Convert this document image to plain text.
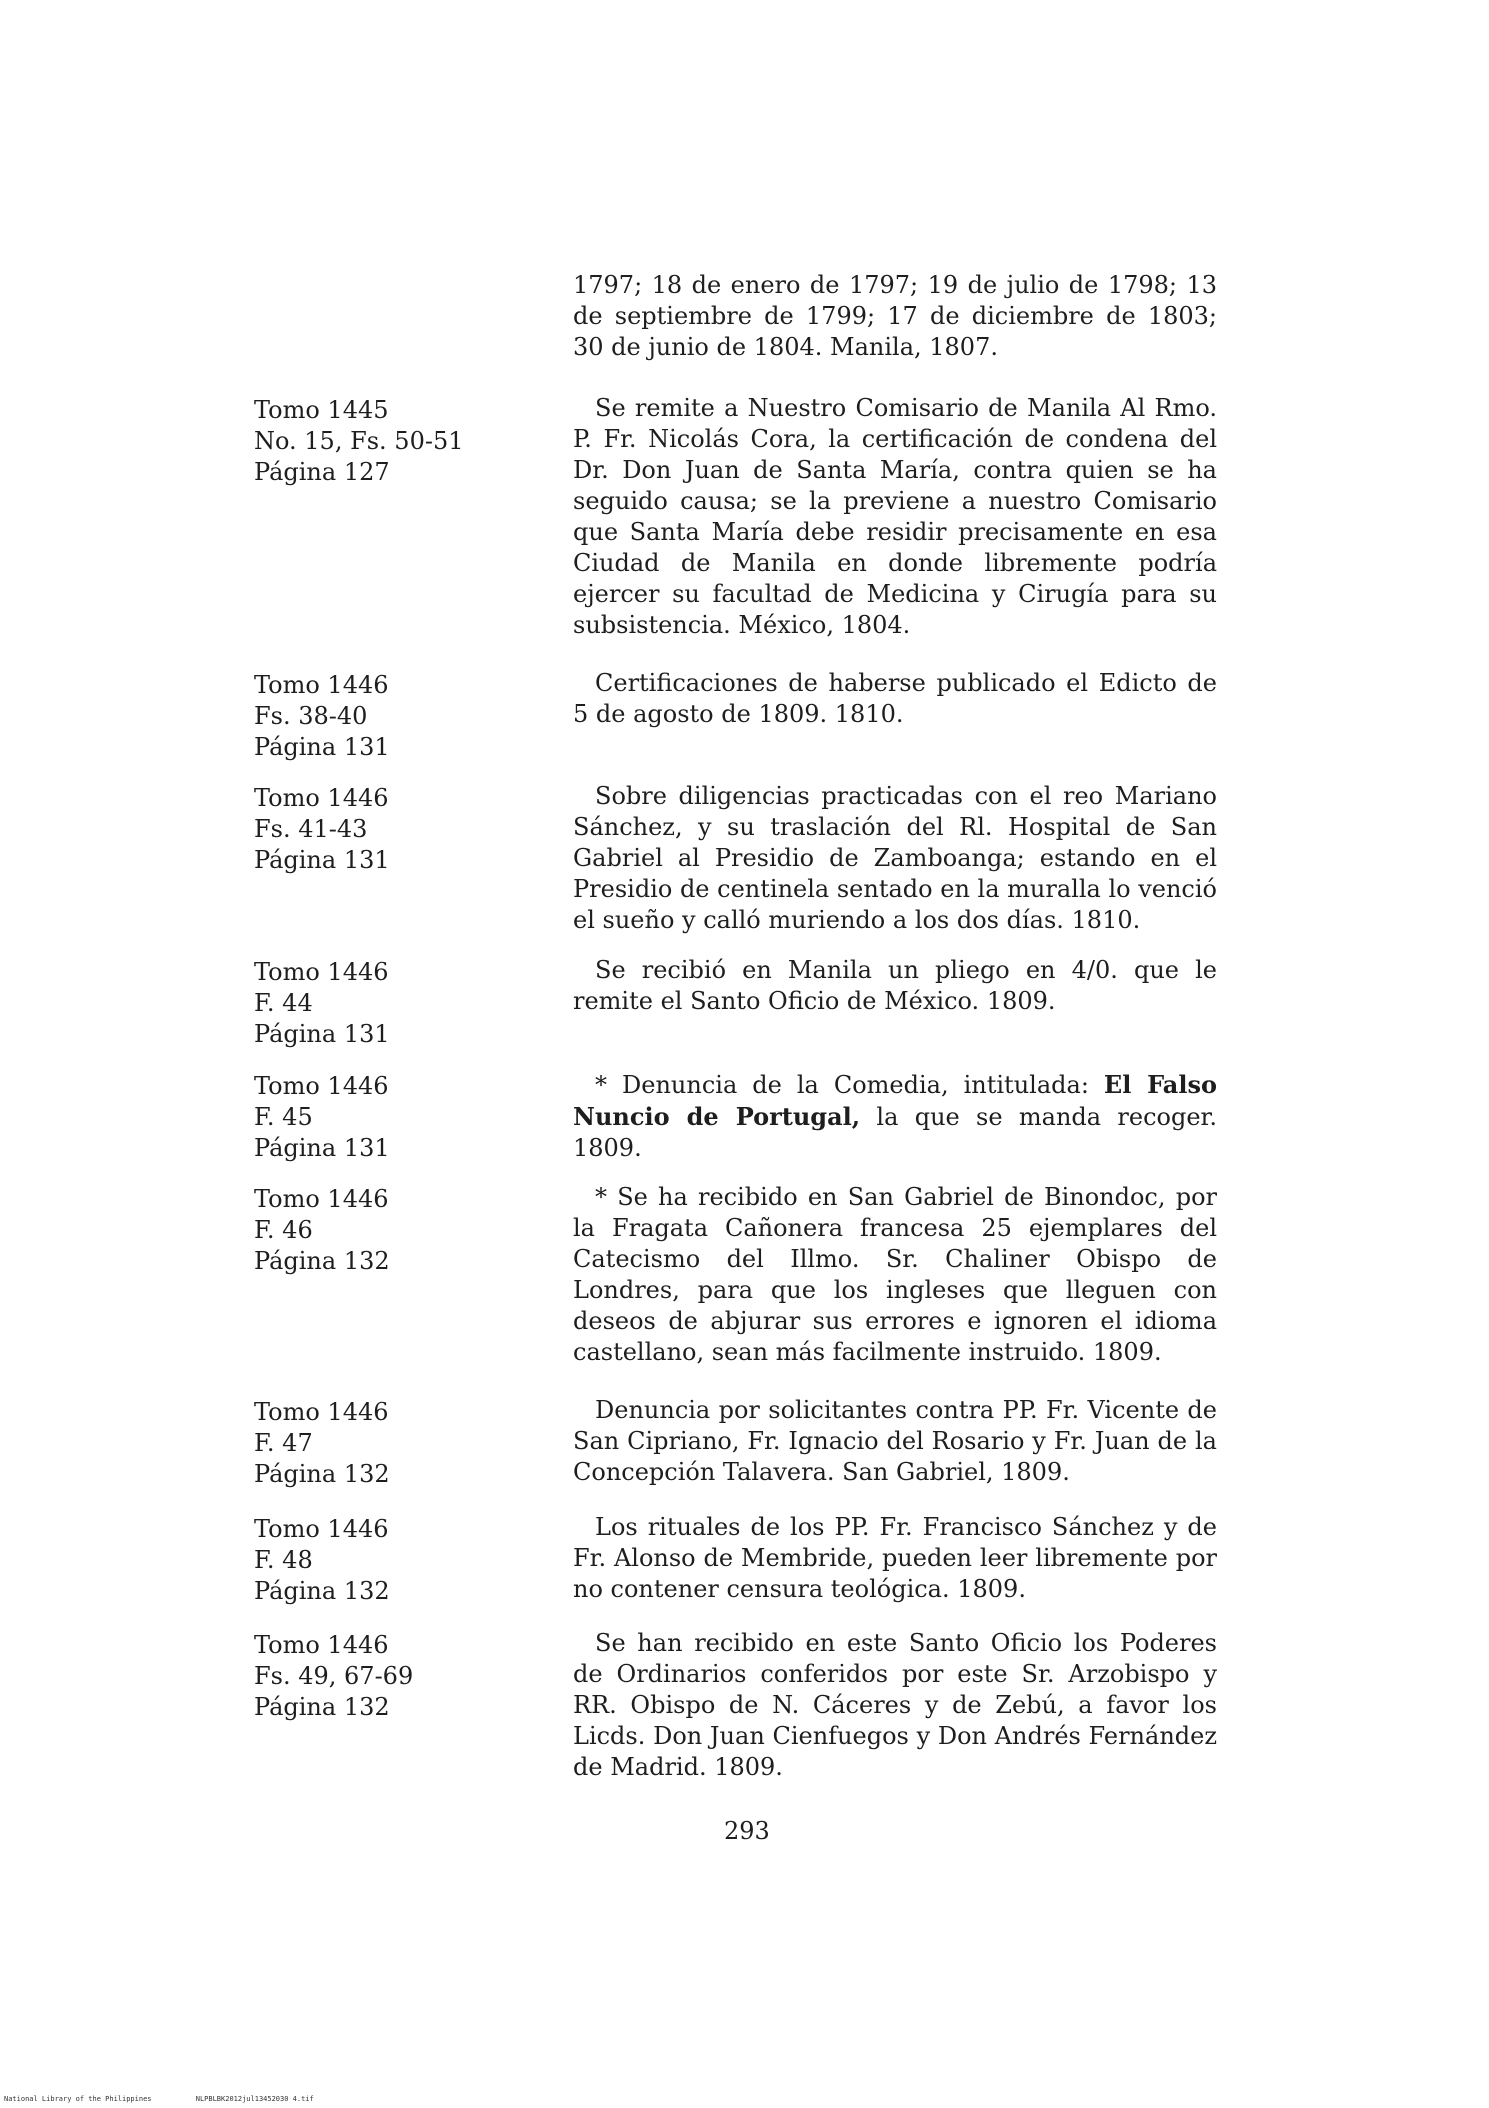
1797; 18 de enero de 1797; 19 de julio de 1798; 13 de septiembre de 1799; 17 de diciembre de 1803; 30 de junio de 1804. Manila, 1807.

Tomo 1445
No. 15, Fs. 50-51
Página 127

Se remite a Nuestro Comisario de Manila Al Rmo. P. Fr. Nicolás Cora, la certificación de condena del Dr. Don Juan de Santa María, contra quien se ha seguido causa; se la previene a nuestro Comisario que Santa María debe residir precisamente en esa Ciudad de Manila en donde libremente podría ejercer su facultad de Medicina y Cirugía para su subsistencia. México, 1804.

Tomo 1446
Fs. 38-40
Página 131

Certificaciones de haberse publicado el Edicto de 5 de agosto de 1809. 1810.

Tomo 1446
Fs. 41-43
Página 131

Sobre diligencias practicadas con el reo Mariano Sánchez, y su traslación del Rl. Hospital de San Gabriel al Presidio de Zamboanga; estando en el Presidio de centinela sentado en la muralla lo venció el sueño y calló muriendo a los dos días. 1810.

Tomo 1446
F. 44
Página 131

Se recibió en Manila un pliego en 4/0. que le remite el Santo Oficio de México. 1809.

Tomo 1446
F. 45
Página 131

* Denuncia de la Comedia, intitulada: El Falso Nuncio de Portugal, la que se manda recoger. 1809.

Tomo 1446
F. 46
Página 132

* Se ha recibido en San Gabriel de Binondoc, por la Fragata Cañonera francesa 25 ejemplares del Catecismo del Illmo. Sr. Chaliner Obispo de Londres, para que los ingleses que lleguen con deseos de abjurar sus errores e ignoren el idioma castellano, sean más facilmente instruido. 1809.

Tomo 1446
F. 47
Página 132

Denuncia por solicitantes contra PP. Fr. Vicente de San Cipriano, Fr. Ignacio del Rosario y Fr. Juan de la Concepción Talavera. San Gabriel, 1809.

Tomo 1446
F. 48
Página 132

Los rituales de los PP. Fr. Francisco Sánchez y de Fr. Alonso de Membride, pueden leer libremente por no contener censura teológica. 1809.

Tomo 1446
Fs. 49, 67-69
Página 132

Se han recibido en este Santo Oficio los Poderes de Ordinarios conferidos por este Sr. Arzobispo y RR. Obispo de N. Cáceres y de Zebú, a favor los Licds. Don Juan Cienfuegos y Don Andrés Fernández de Madrid. 1809.

293
National Library of the Philippines	NLPBLBK2012jul13452030 4.tif
